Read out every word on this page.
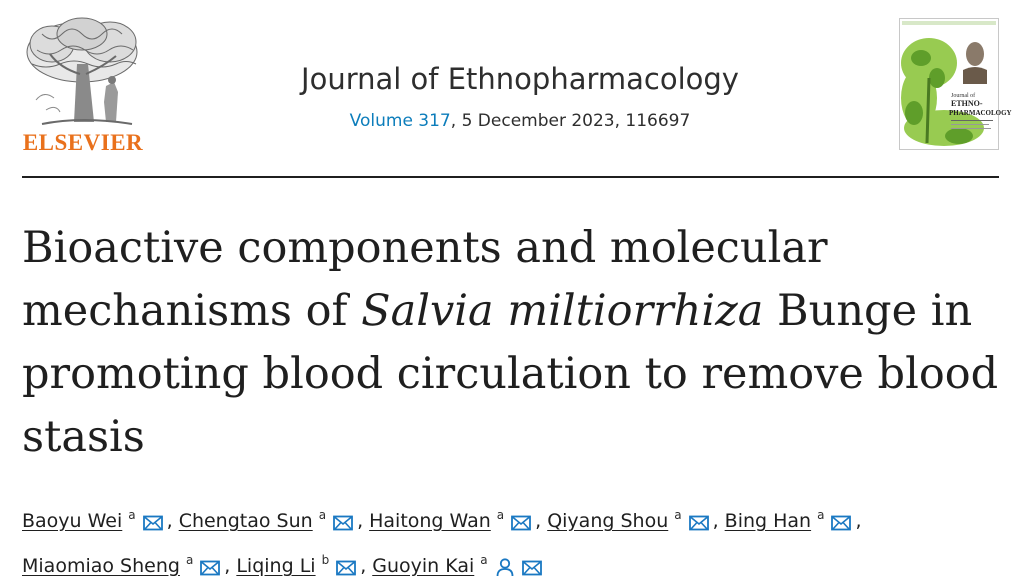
ELSEVIER
Journal of Ethnopharmacology
Volume 317, 5 December 2023, 116697
Journal of
ETHNO-
PHARMACOLOGY
Bioactive components and molecular mechanisms of Salvia miltiorrhiza Bunge in promoting blood circulation to remove blood stasis
Baoyu Wei $^a$ , Chengtao Sun $^a$ , Haitong Wan $^a$ , Qiyang Shou $^a$ , Bing Han $^a$ ,
Miaomiao Sheng $^a$ , Liqing Li $^b$ , Guoyin Kai $^a$
